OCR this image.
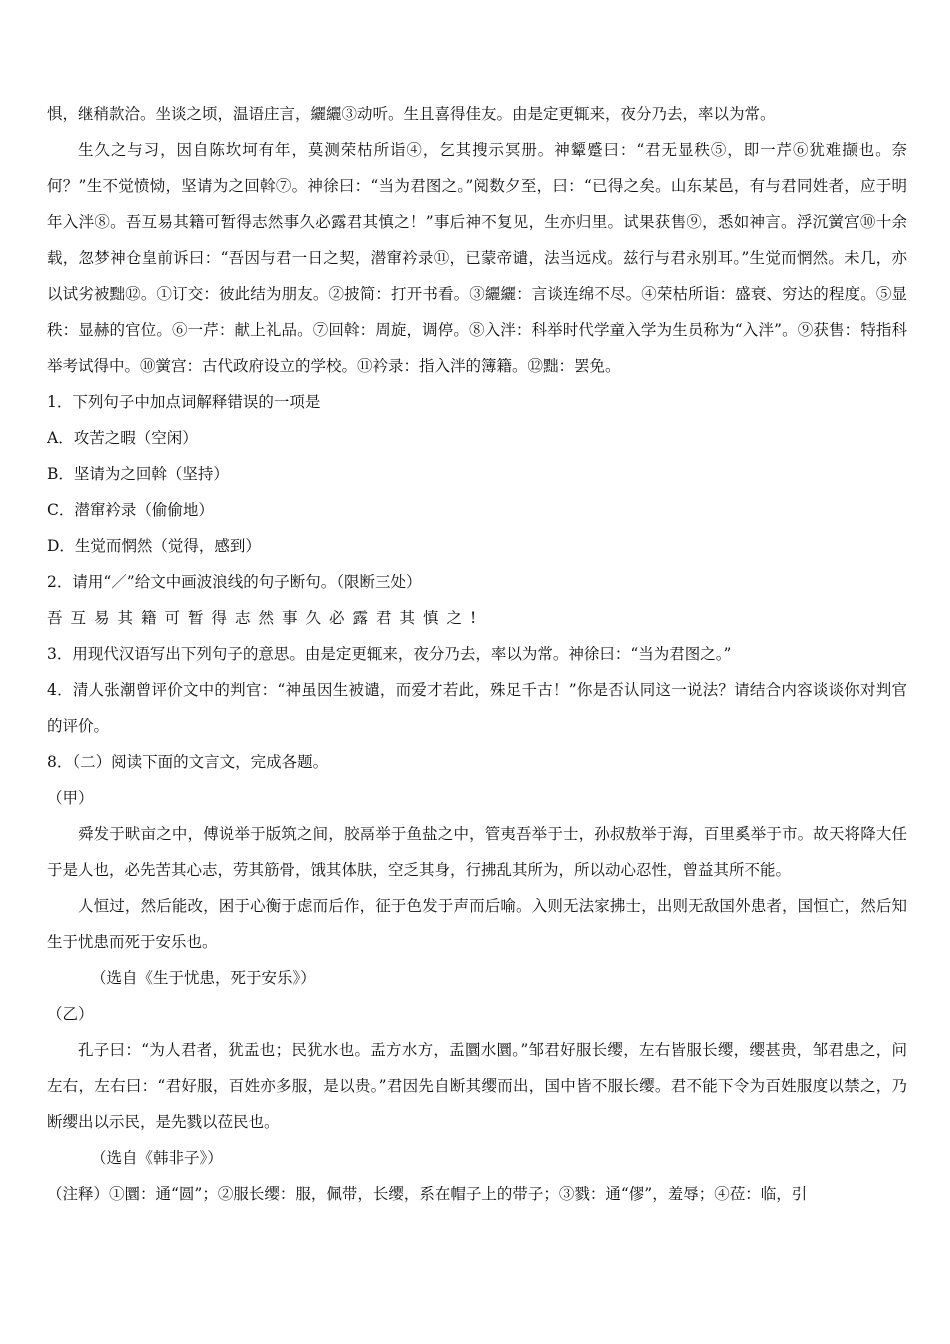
惧，继稍款洽。坐谈之顷，温语庄言，纚纚③动听。生且喜得佳友。由是定更辄来，夜分乃去，率以为常。

生久之与习，因自陈坎坷有年，莫测荣枯所诣④，乞其搜示冥册。神颦蹙曰：“君无显秩⑤，即一芹⑥犹难撷也。奈何？”生不觉愤恸，坚请为之回斡⑦。神徐曰：“当为君图之。”阅数夕至，曰：“已得之矣。山东某邑，有与君同姓者，应于明年入泮⑧。吾互易其籍可暂得志然事久必露君其慎之！”事后神不复见，生亦归里。试果获售⑨，悉如神言。浮沉黉宫⑩十余载，忽梦神仓皇前诉曰：“吾因与君一日之契，潜窜衿录⑪，已蒙帝谴，法当远戍。兹行与君永别耳。”生觉而惘然。未几，亦以试劣被黜⑫。①订交：彼此结为朋友。②披简：打开书看。③纚纚：言谈连绵不尽。④荣枯所诣：盛衰、穷达的程度。⑤显秩：显赫的官位。⑥一芹：献上礼品。⑦回斡：周旋，调停。⑧入泮：科举时代学童入学为生员称为“入泮”。⑨获售：特指科举考试得中。⑩黉宫：古代政府设立的学校。⑪衿录：指入泮的簿籍。⑫黜：罢免。

1．下列句子中加点词解释错误的一项是

A．攻苦之暇（空闲）

B．坚请为之回斡（坚持）

C．潜窜衿录（偷偷地）

D．生觉而惘然（觉得，感到）

2．请用“／”给文中画波浪线的句子断句。（限断三处）

吾互易其籍可暂得志然事久必露君其慎之!

3．用现代汉语写出下列句子的意思。由是定更辄来，夜分乃去，率以为常。神徐曰：“当为君图之。”

4．清人张潮曾评价文中的判官：“神虽因生被谴，而爱才若此，殊足千古！”你是否认同这一说法？请结合内容谈谈你对判官的评价。

8．（二）阅读下面的文言文，完成各题。

（甲）

舜发于畎亩之中，傅说举于版筑之间，胶鬲举于鱼盐之中，管夷吾举于士，孙叔敖举于海，百里奚举于市。故天将降大任于是人也，必先苦其心志，劳其筋骨，饿其体肤，空乏其身，行拂乱其所为，所以动心忍性，曾益其所不能。

人恒过，然后能改，困于心衡于虑而后作，征于色发于声而后喻。入则无法家拂士，出则无敌国外患者，国恒亡，然后知生于忧患而死于安乐也。

（选自《生于忧患，死于安乐》）

（乙）

孔子曰：“为人君者，犹盂也；民犹水也。盂方水方，盂圜水圜。”邹君好服长缨，左右皆服长缨，缨甚贵，邹君患之，问左右，左右曰：“君好服，百姓亦多服，是以贵。”君因先自断其缨而出，国中皆不服长缨。君不能下令为百姓服度以禁之，乃断缨出以示民，是先戮以莅民也。

（选自《韩非子》）

（注释）①圜：通“圆”；②服长缨：服，佩带，长缨，系在帽子上的带子；③戮：通“僇”，羞辱；④莅：临，引
